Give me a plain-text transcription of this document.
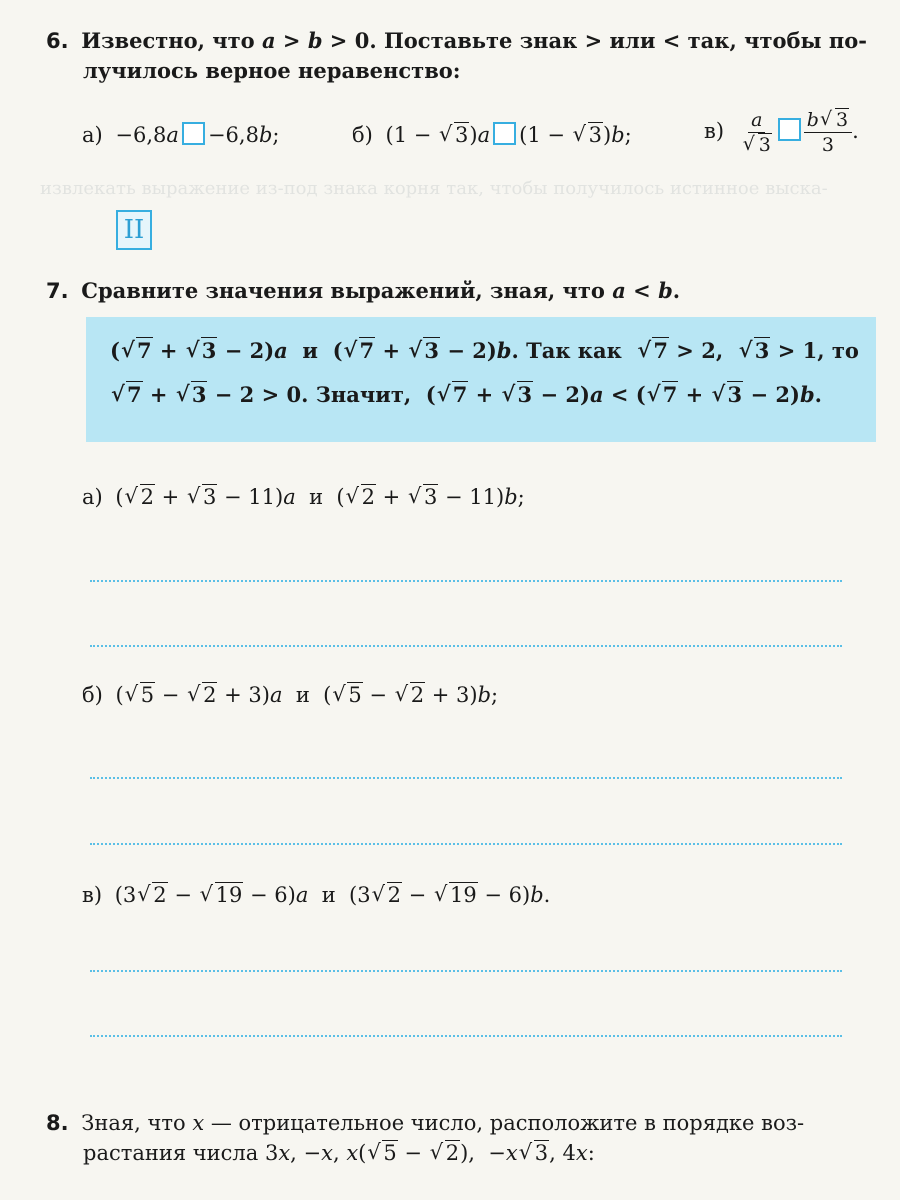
извлекать выражение из-под знака корня так, чтобы получилось истинное выска-
6. Известно, что a > b > 0. Поставьте знак > или < так, чтобы по-
лучилось верное неравенство:
а) −6,8a −6,8b;	б) (1 − √ 3)a (1 − √ 3)b;	в) a
√ $3 \frac{b √ 3}{3}$ .
II
7. Сравните значения выражений, зная, что a < b.
( √ 7 + √ 3 − 2)a  и  ( √ 7 + √ 3 − 2)b. Так как  √ 7 > 2,  √ 3 > 1, то
√ 7 + √ 3 − 2 > 0. Значит,  ( √ 7 + √ 3 − 2)a < ( √ 7 + √ 3 − 2)b.
а) ( √ 2 + √ 3 − 11)a  и  ( √ 2 + √ 3 − 11)b;
б) ( √ 5 − √ 2 + 3)a  и  ( √ 5 − √ 2 + 3)b;
в) (3 √ 2 − √ 19 − 6)a  и  (3 √ 2 − √ 19 − 6)b.
8. Зная, что x — отрицательное число, расположите в порядке воз-
растания числа 3x, −x, x( √ 5 − √ 2),  −x √ 3, 4x:
